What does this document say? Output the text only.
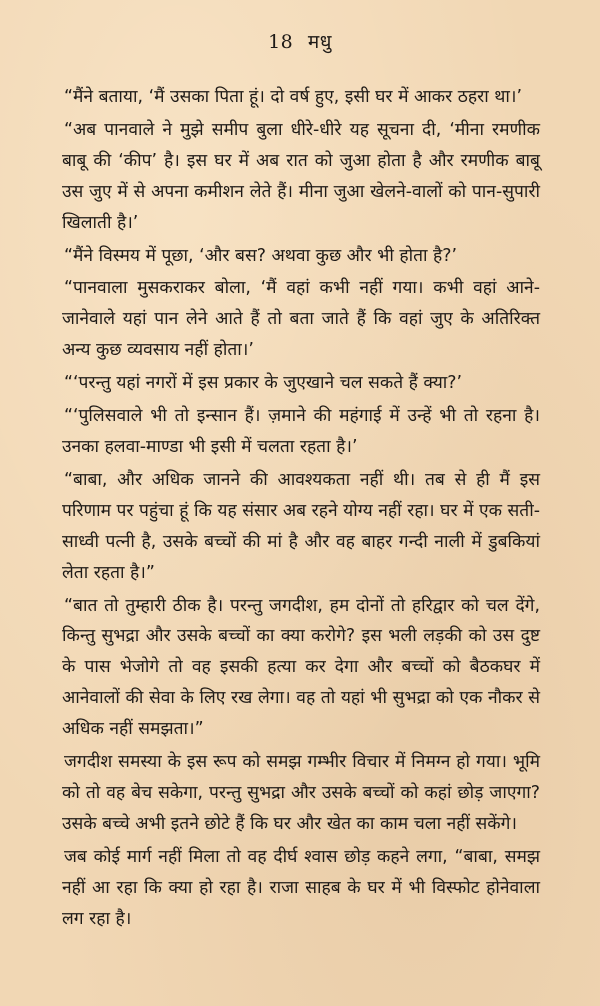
18 मधु

“मैंने बताया, ‘मैं उसका पिता हूं। दो वर्ष हुए, इसी घर में आकर ठहरा था।’

“अब पानवाले ने मुझे समीप बुला धीरे-धीरे यह सूचना दी, ‘मीना रमणीक बाबू की ‘कीप’ है। इस घर में अब रात को जुआ होता है और रमणीक बाबू उस जुए में से अपना कमीशन लेते हैं। मीना जुआ खेलने-वालों को पान-सुपारी खिलाती है।’

“मैंने विस्मय में पूछा, ‘और बस? अथवा कुछ और भी होता है?’

“पानवाला मुसकराकर बोला, ‘मैं वहां कभी नहीं गया। कभी वहां आने-जानेवाले यहां पान लेने आते हैं तो बता जाते हैं कि वहां जुए के अतिरिक्त अन्य कुछ व्यवसाय नहीं होता।’

“‘परन्तु यहां नगरों में इस प्रकार के जुएखाने चल सकते हैं क्या?’

“‘पुलिसवाले भी तो इन्सान हैं। ज़माने की महंगाई में उन्हें भी तो रहना है। उनका हलवा-माण्डा भी इसी में चलता रहता है।’

“बाबा, और अधिक जानने की आवश्यकता नहीं थी। तब से ही मैं इस परिणाम पर पहुंचा हूं कि यह संसार अब रहने योग्य नहीं रहा। घर में एक सती-साध्वी पत्नी है, उसके बच्चों की मां है और वह बाहर गन्दी नाली में डुबकियां लेता रहता है।”

“बात तो तुम्हारी ठीक है। परन्तु जगदीश, हम दोनों तो हरिद्वार को चल देंगे, किन्तु सुभद्रा और उसके बच्चों का क्या करोगे? इस भली लड़की को उस दुष्ट के पास भेजोगे तो वह इसकी हत्या कर देगा और बच्चों को बैठकघर में आनेवालों की सेवा के लिए रख लेगा। वह तो यहां भी सुभद्रा को एक नौकर से अधिक नहीं समझता।”

जगदीश समस्या के इस रूप को समझ गम्भीर विचार में निमग्न हो गया। भूमि को तो वह बेच सकेगा, परन्तु सुभद्रा और उसके बच्चों को कहां छोड़ जाएगा? उसके बच्चे अभी इतने छोटे हैं कि घर और खेत का काम चला नहीं सकेंगे।

जब कोई मार्ग नहीं मिला तो वह दीर्घ श्वास छोड़ कहने लगा, “बाबा, समझ नहीं आ रहा कि क्या हो रहा है। राजा साहब के घर में भी विस्फोट होनेवाला लग रहा है।
